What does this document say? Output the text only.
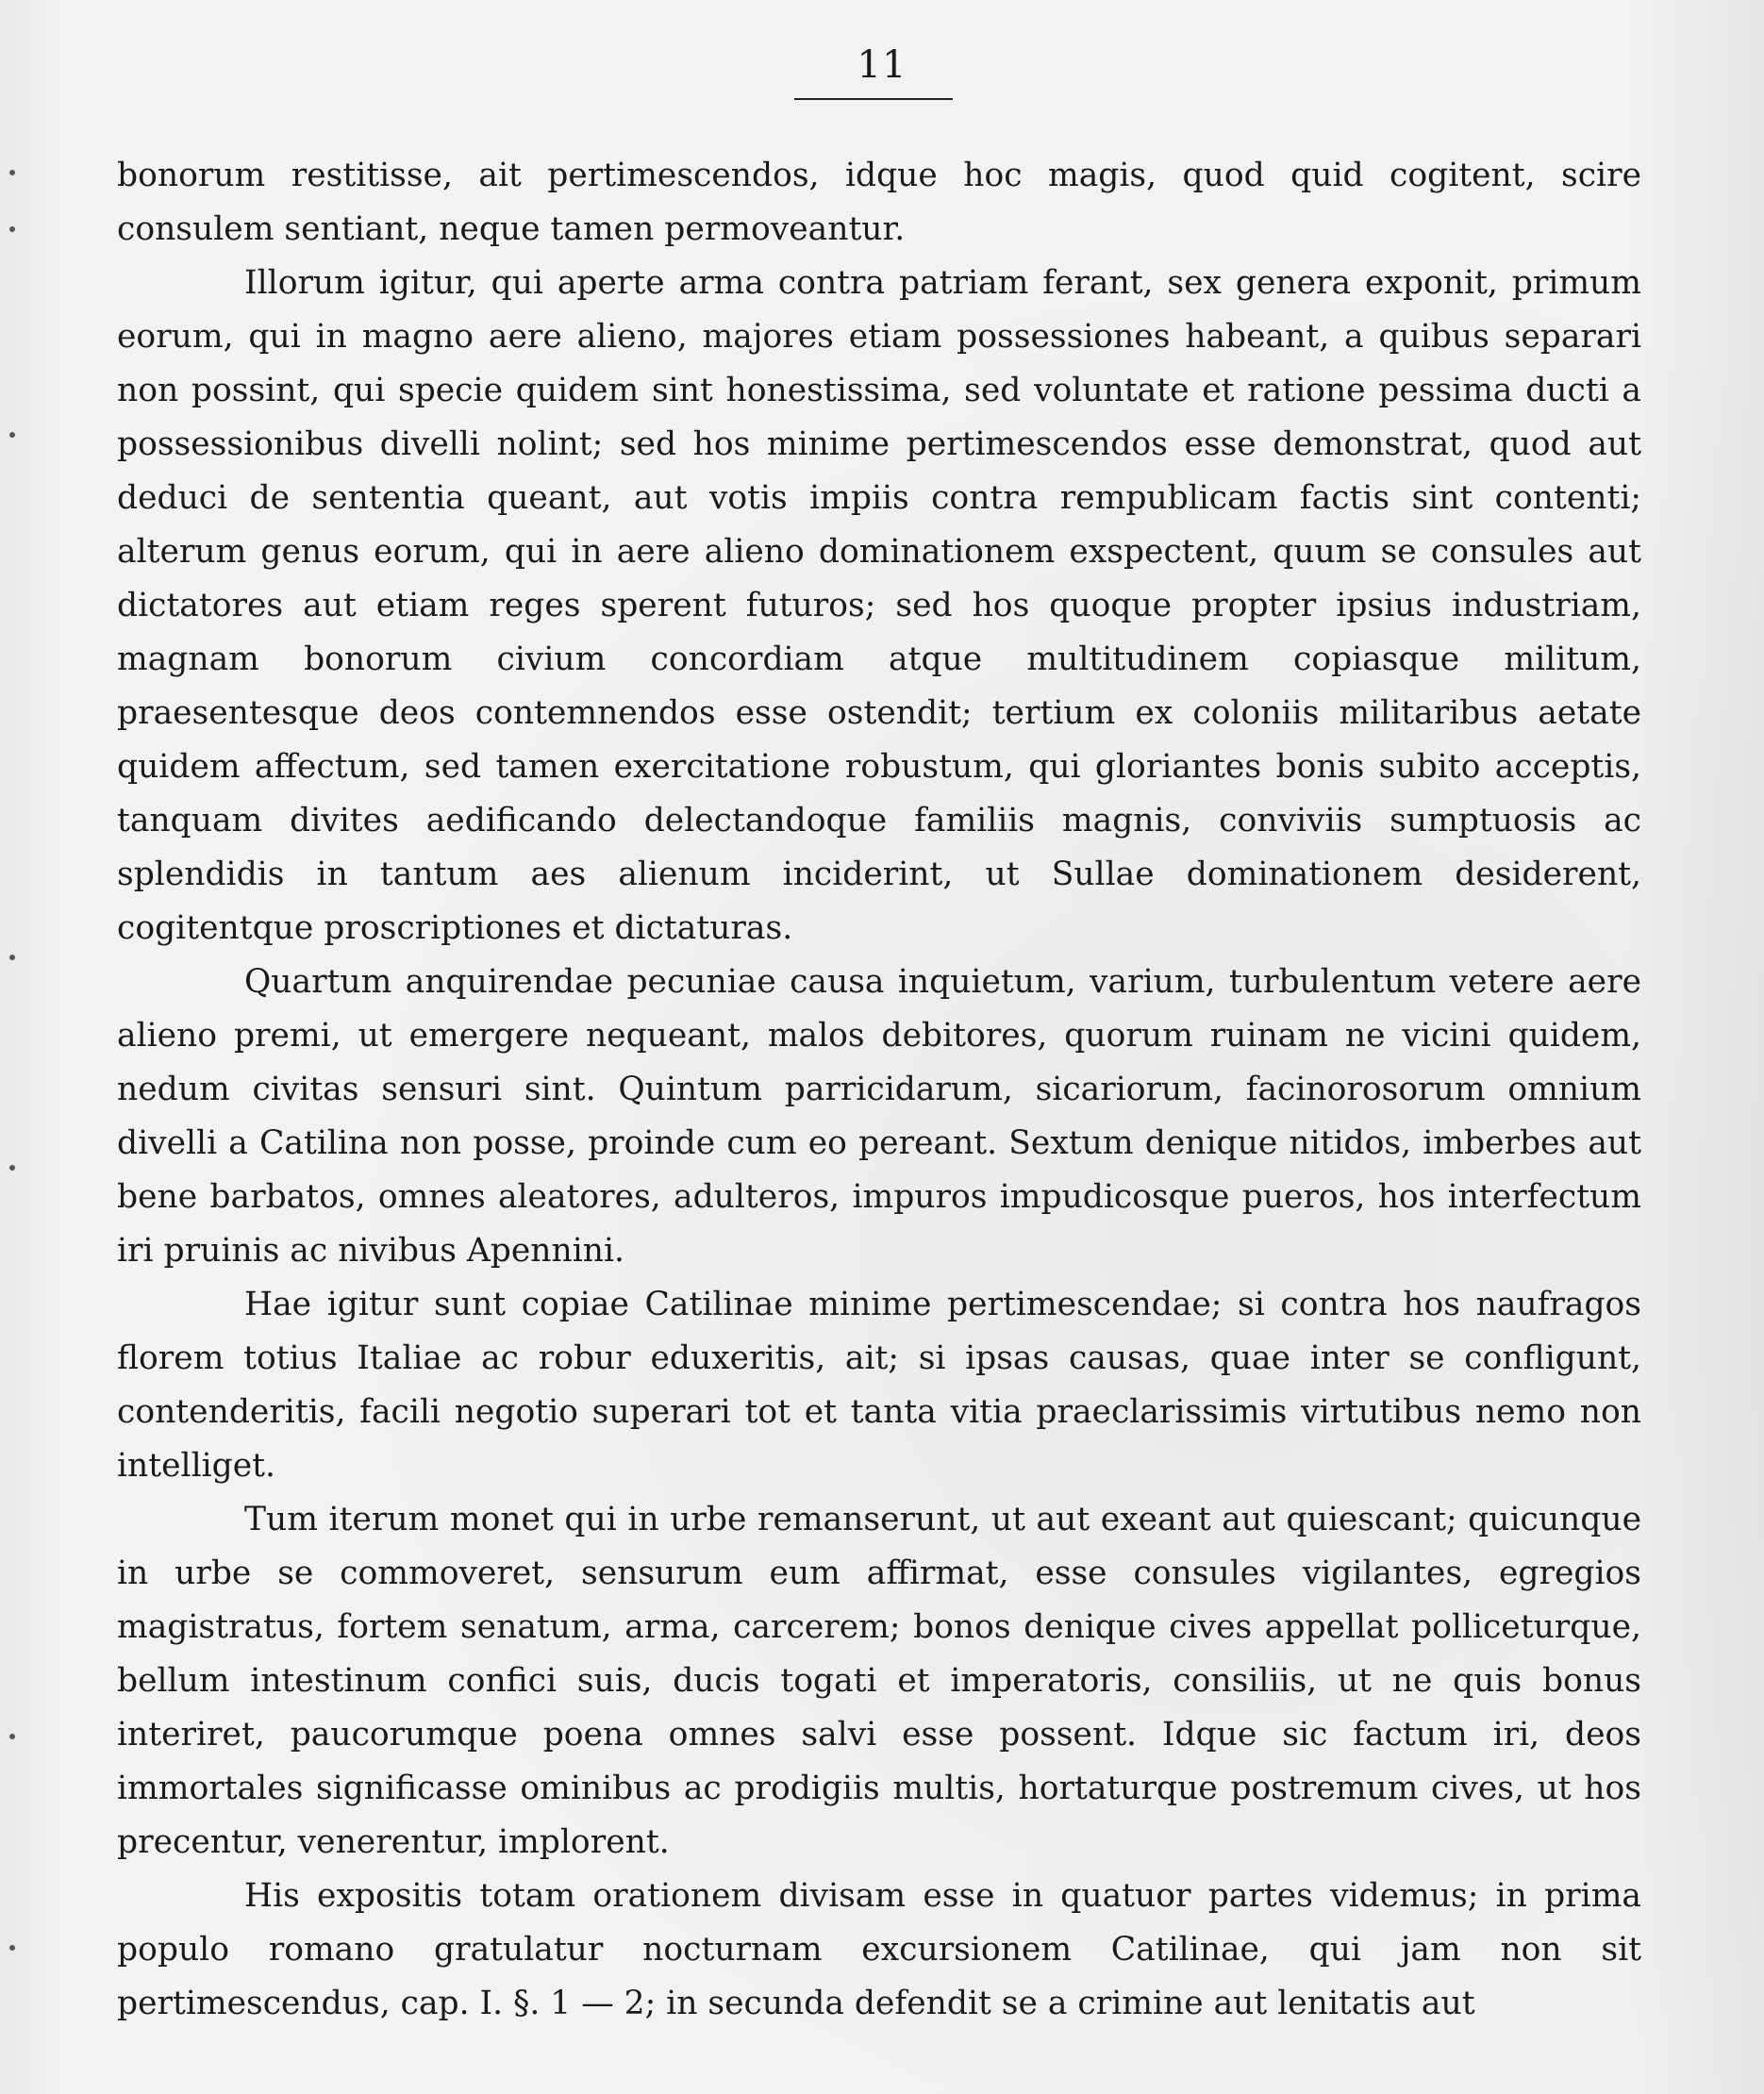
11

bonorum restitisse, ait pertimescendos, idque hoc magis, quod quid cogitent, scire consulem sentiant, neque tamen permoveantur.

Illorum igitur, qui aperte arma contra patriam ferant, sex genera exponit, primum eorum, qui in magno aere alieno, majores etiam possessiones habeant, a quibus separari non possint, qui specie quidem sint honestissima, sed voluntate et ratione pessima ducti a possessionibus divelli nolint; sed hos minime pertimescendos esse demonstrat, quod aut deduci de sententia queant, aut votis impiis contra rempublicam factis sint contenti; alterum genus eorum, qui in aere alieno dominationem exspectent, quum se consules aut dictatores aut etiam reges sperent futuros; sed hos quoque propter ipsius industriam, magnam bonorum civium concordiam atque multitudinem copiasque militum, praesentesque deos contemnendos esse ostendit; tertium ex coloniis militaribus aetate quidem affectum, sed tamen exercitatione robustum, qui gloriantes bonis subito acceptis, tanquam divites aedificando delectandoque familiis magnis, conviviis sumptuosis ac splendidis in tantum aes alienum inciderint, ut Sullae dominationem desiderent, cogitentque proscriptiones et dictaturas.

Quartum anquirendae pecuniae causa inquietum, varium, turbulentum vetere aere alieno premi, ut emergere nequeant, malos debitores, quorum ruinam ne vicini quidem, nedum civitas sensuri sint. Quintum parricidarum, sicariorum, facinorosorum omnium divelli a Catilina non posse, proinde cum eo pereant. Sextum denique nitidos, imberbes aut bene barbatos, omnes aleatores, adulteros, impuros impudicosque pueros, hos interfectum iri pruinis ac nivibus Apennini.

Hae igitur sunt copiae Catilinae minime pertimescendae; si contra hos naufragos florem totius Italiae ac robur eduxeritis, ait; si ipsas causas, quae inter se confligunt, contenderitis, facili negotio superari tot et tanta vitia praeclarissimis virtutibus nemo non intelliget.

Tum iterum monet qui in urbe remanserunt, ut aut exeant aut quiescant; quicunque in urbe se commoveret, sensurum eum affirmat, esse consules vigilantes, egregios magistratus, fortem senatum, arma, carcerem; bonos denique cives appellat polliceturque, bellum intestinum confici suis, ducis togati et imperatoris, consiliis, ut ne quis bonus interiret, paucorumque poena omnes salvi esse possent. Idque sic factum iri, deos immortales significasse ominibus ac prodigiis multis, hortaturque postremum cives, ut hos precentur, venerentur, implorent.

His expositis totam orationem divisam esse in quatuor partes videmus; in prima populo romano gratulatur nocturnam excursionem Catilinae, qui jam non sit pertimescendus, cap. I. §. 1 — 2; in secunda defendit se a crimine aut lenitatis aut
